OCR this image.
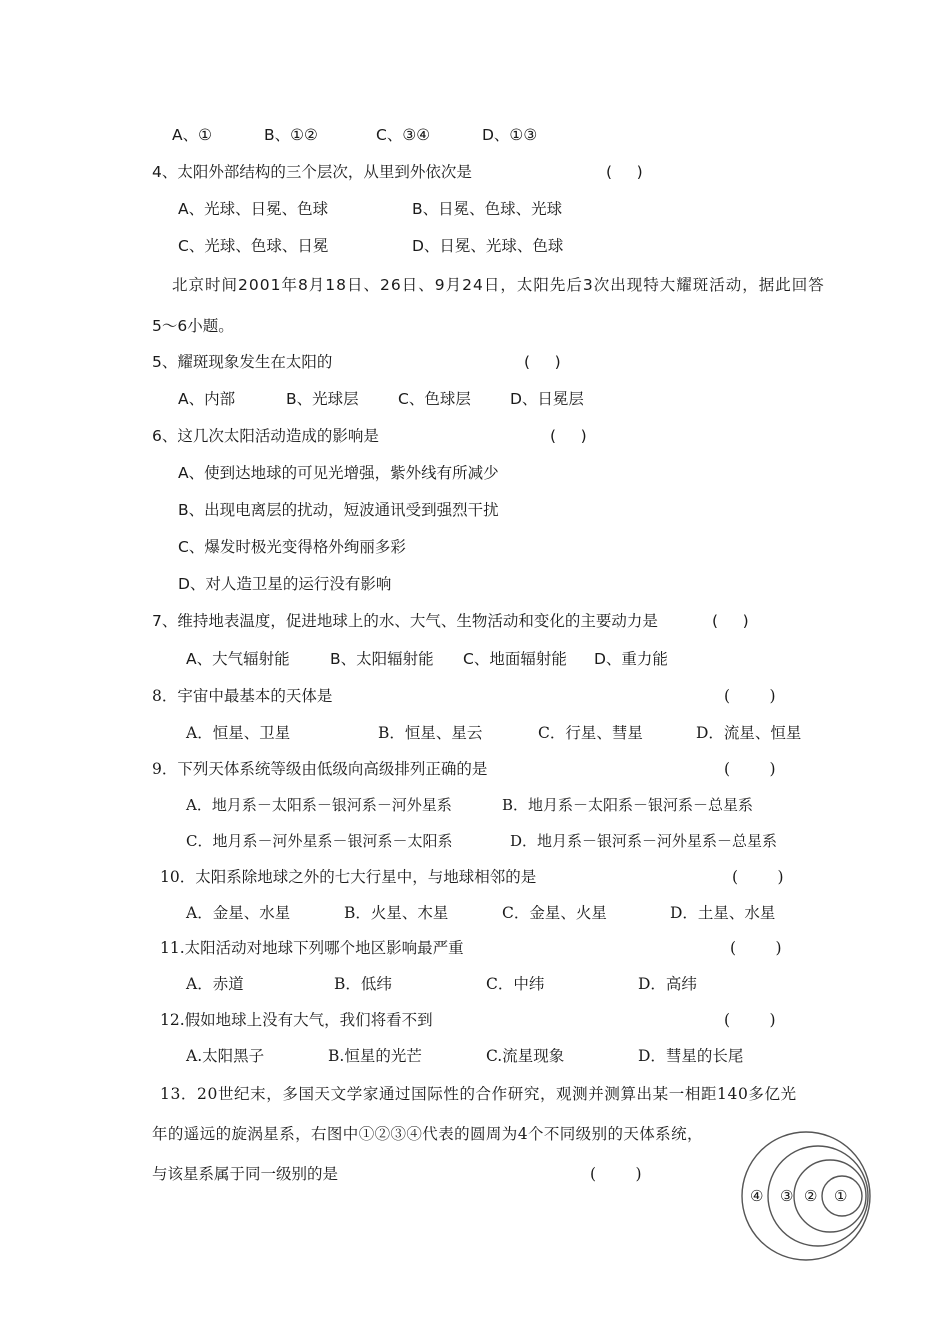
A、①	B、①②	C、③④	D、①③
4、太阳外部结构的三个层次，从里到外依次是	(     )
A、光球、日冕、色球	B、日冕、色球、光球
C、光球、色球、日冕	D、日冕、光球、色球
北京时间2001年8月18日、26日、9月24日，太阳先后3次出现特大耀斑活动，据此回答
5～6小题。
5、耀斑现象发生在太阳的	(     )
A、内部	B、光球层	C、色球层	D、日冕层
6、这几次太阳活动造成的影响是	(     )
A、使到达地球的可见光增强，紫外线有所减少
B、出现电离层的扰动，短波通讯受到强烈干扰
C、爆发时极光变得格外绚丽多彩
D、对人造卫星的运行没有影响
7、维持地表温度，促进地球上的水、大气、生物活动和变化的主要动力是	(     )
A、大气辐射能	B、太阳辐射能 C、地面辐射能 D、重力能
8．宇宙中最基本的天体是	(        )
A．恒星、卫星	B．恒星、星云	C．行星、彗星	D．流星、恒星
9．下列天体系统等级由低级向高级排列正确的是	(        )
A．地月系－太阳系－银河系－河外星系	B．地月系－太阳系－银河系－总星系
C．地月系－河外星系－银河系－太阳系	D．地月系－银河系－河外星系－总星系
10．太阳系除地球之外的七大行星中，与地球相邻的是	(        )
A．金星、水星	B．火星、木星	C．金星、火星	D．土星、水星
11.太阳活动对地球下列哪个地区影响最严重	(        )
A．赤道	B．低纬	C．中纬	D．高纬
12.假如地球上没有大气，我们将看不到	(        )
A.太阳黑子	B.恒星的光芒	C.流星现象	D．彗星的长尾
13．20世纪末，多国天文学家通过国际性的合作研究，观测并测算出某一相距140多亿光
年的遥远的旋涡星系，右图中①②③④代表的圆周为4个不同级别的天体系统，
与该星系属于同一级别的是	(        )
④ ③ ② ①
